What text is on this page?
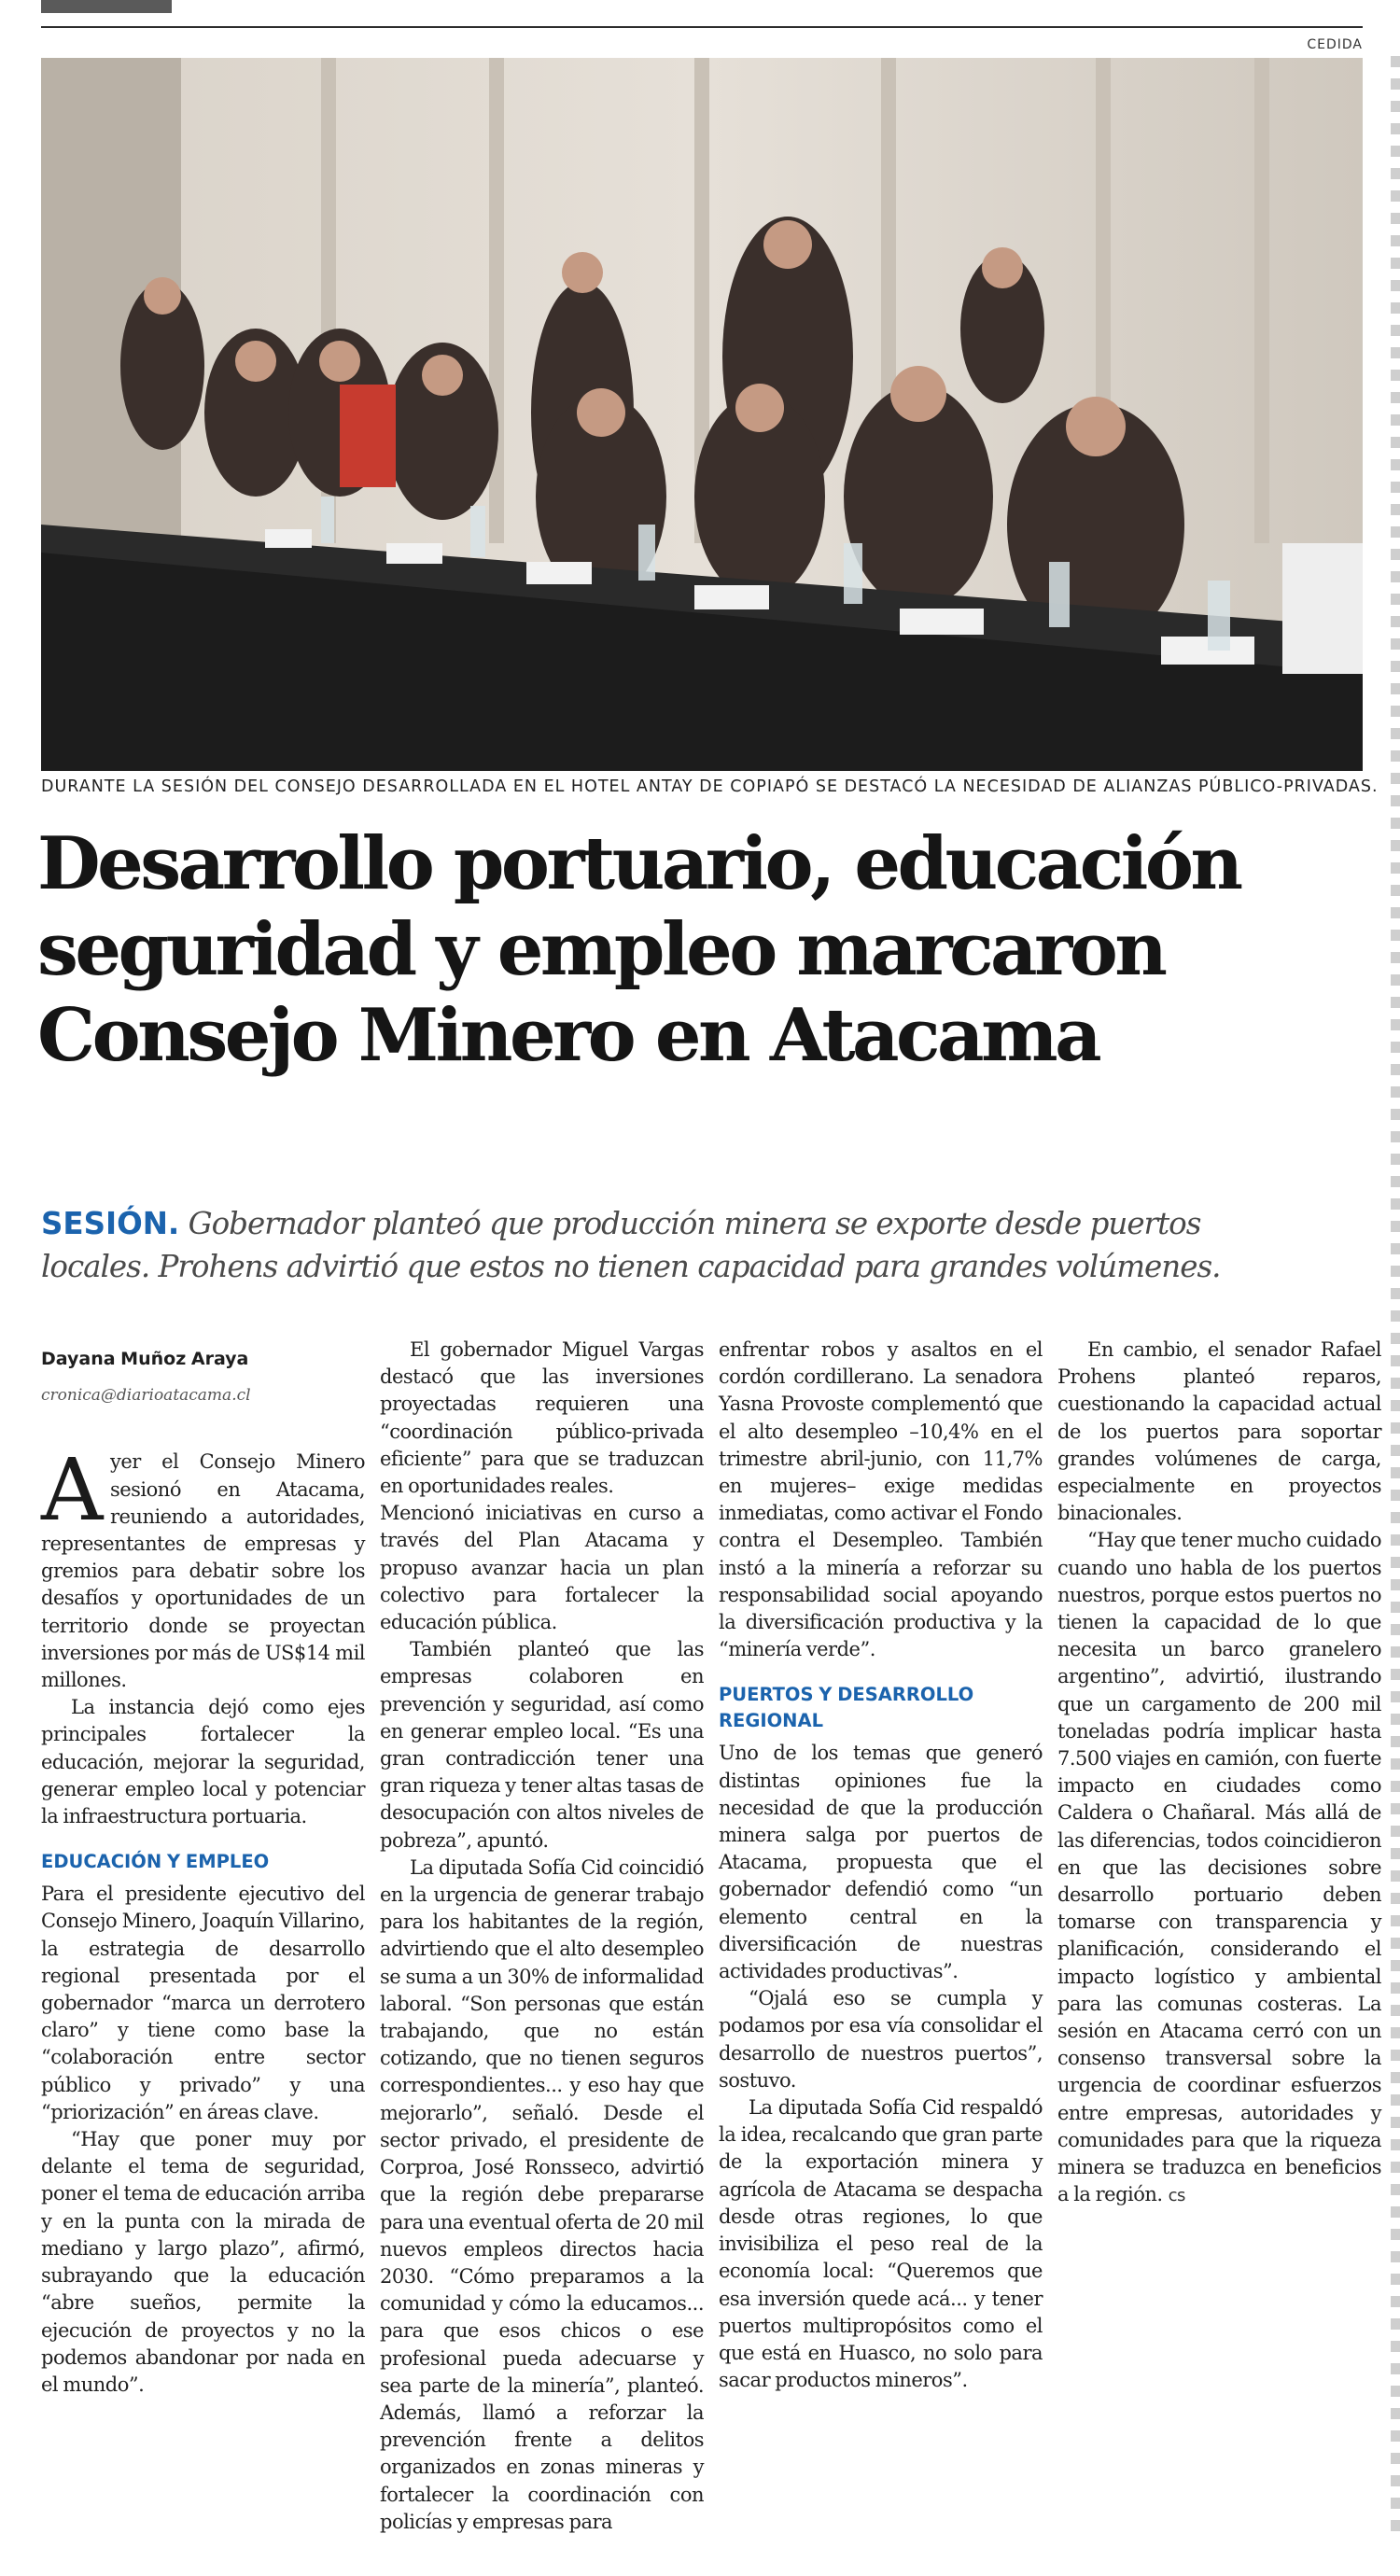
CEDIDA
DURANTE LA SESIÓN DEL CONSEJO DESARROLLADA EN EL HOTEL ANTAY DE COPIAPÓ SE DESTACÓ LA NECESIDAD DE ALIANZAS PÚBLICO-PRIVADAS.
Desarrollo portuario, educación
seguridad y empleo marcaron
Consejo Minero en Atacama
SESIÓN. Gobernador planteó que producción minera se exporte desde puertos
locales. Prohens advirtió que estos no tienen capacidad para grandes volúmenes.
Dayana Muñoz Araya
cronica@diarioatacama.cl

Ayer el Consejo Minero sesionó en Atacama, reuniendo a autoridades, representantes de empresas y gremios para debatir sobre los desafíos y oportunidades de un territorio donde se proyectan inversiones por más de US$14 mil millones.

La instancia dejó como ejes principales fortalecer la educación, mejorar la seguridad, generar empleo local y potenciar la infraestructura portuaria.

EDUCACIÓN Y EMPLEO

Para el presidente ejecutivo del Consejo Minero, Joaquín Villarino, la estrategia de desarrollo regional presentada por el gobernador “marca un derrotero claro” y tiene como base la “colaboración entre sector público y privado” y una “priorización” en áreas clave.

“Hay que poner muy por delante el tema de seguridad, poner el tema de educación arriba y en la punta con la mirada de mediano y largo plazo”, afirmó, subrayando que la educación “abre sueños, permite la ejecución de proyectos y no la podemos abandonar por nada en el mundo”.

El gobernador Miguel Vargas destacó que las inversiones proyectadas requieren una “coordinación público-privada eficiente” para que se traduzcan en oportunidades reales.

Mencionó iniciativas en curso a través del Plan Atacama y propuso avanzar hacia un plan colectivo para fortalecer la educación pública.

También planteó que las empresas colaboren en prevención y seguridad, así como en generar empleo local. “Es una gran contradicción tener una gran riqueza y tener altas tasas de desocupación con altos niveles de pobreza”, apuntó.

La diputada Sofía Cid coincidió en la urgencia de generar trabajo para los habitantes de la región, advirtiendo que el alto desempleo se suma a un 30% de informalidad laboral. “Son personas que están trabajando, que no están cotizando, que no tienen seguros correspondientes... y eso hay que mejorarlo”, señaló. Desde el sector privado, el presidente de Corproa, José Ronsseco, advirtió que la región debe prepararse para una eventual oferta de 20 mil nuevos empleos directos hacia 2030. “Cómo preparamos a la comunidad y cómo la educamos... para que esos chicos o ese profesional pueda adecuarse y sea parte de la minería”, planteó. Además, llamó a reforzar la prevención frente a delitos organizados en zonas mineras y fortalecer la coordinación con policías y empresas para

enfrentar robos y asaltos en el cordón cordillerano. La senadora Yasna Provoste complementó que el alto desempleo –10,4% en el trimestre abril-junio, con 11,7% en mujeres– exige medidas inmediatas, como activar el Fondo contra el Desempleo. También instó a la minería a reforzar su responsabilidad social apoyando la diversificación productiva y la “minería verde”.

PUERTOS Y DESARROLLO REGIONAL

Uno de los temas que generó distintas opiniones fue la necesidad de que la producción minera salga por puertos de Atacama, propuesta que el gobernador defendió como “un elemento central en la diversificación de nuestras actividades productivas”.

“Ojalá eso se cumpla y podamos por esa vía consolidar el desarrollo de nuestros puertos”, sostuvo.

La diputada Sofía Cid respaldó la idea, recalcando que gran parte de la exportación minera y agrícola de Atacama se despacha desde otras regiones, lo que invisibiliza el peso real de la economía local: “Queremos que esa inversión quede acá... y tener puertos multipropósitos como el que está en Huasco, no solo para sacar productos mineros”.

En cambio, el senador Rafael Prohens planteó reparos, cuestionando la capacidad actual de los puertos para soportar grandes volúmenes de carga, especialmente en proyectos binacionales.

“Hay que tener mucho cuidado cuando uno habla de los puertos nuestros, porque estos puertos no tienen la capacidad de lo que necesita un barco granelero argentino”, advirtió, ilustrando que un cargamento de 200 mil toneladas podría implicar hasta 7.500 viajes en camión, con fuerte impacto en ciudades como Caldera o Chañaral. Más allá de las diferencias, todos coincidieron en que las decisiones sobre desarrollo portuario deben tomarse con transparencia y planificación, considerando el impacto logístico y ambiental para las comunas costeras. La sesión en Atacama cerró con un consenso transversal sobre la urgencia de coordinar esfuerzos entre empresas, autoridades y comunidades para que la riqueza minera se traduzca en beneficios a la región. cs
